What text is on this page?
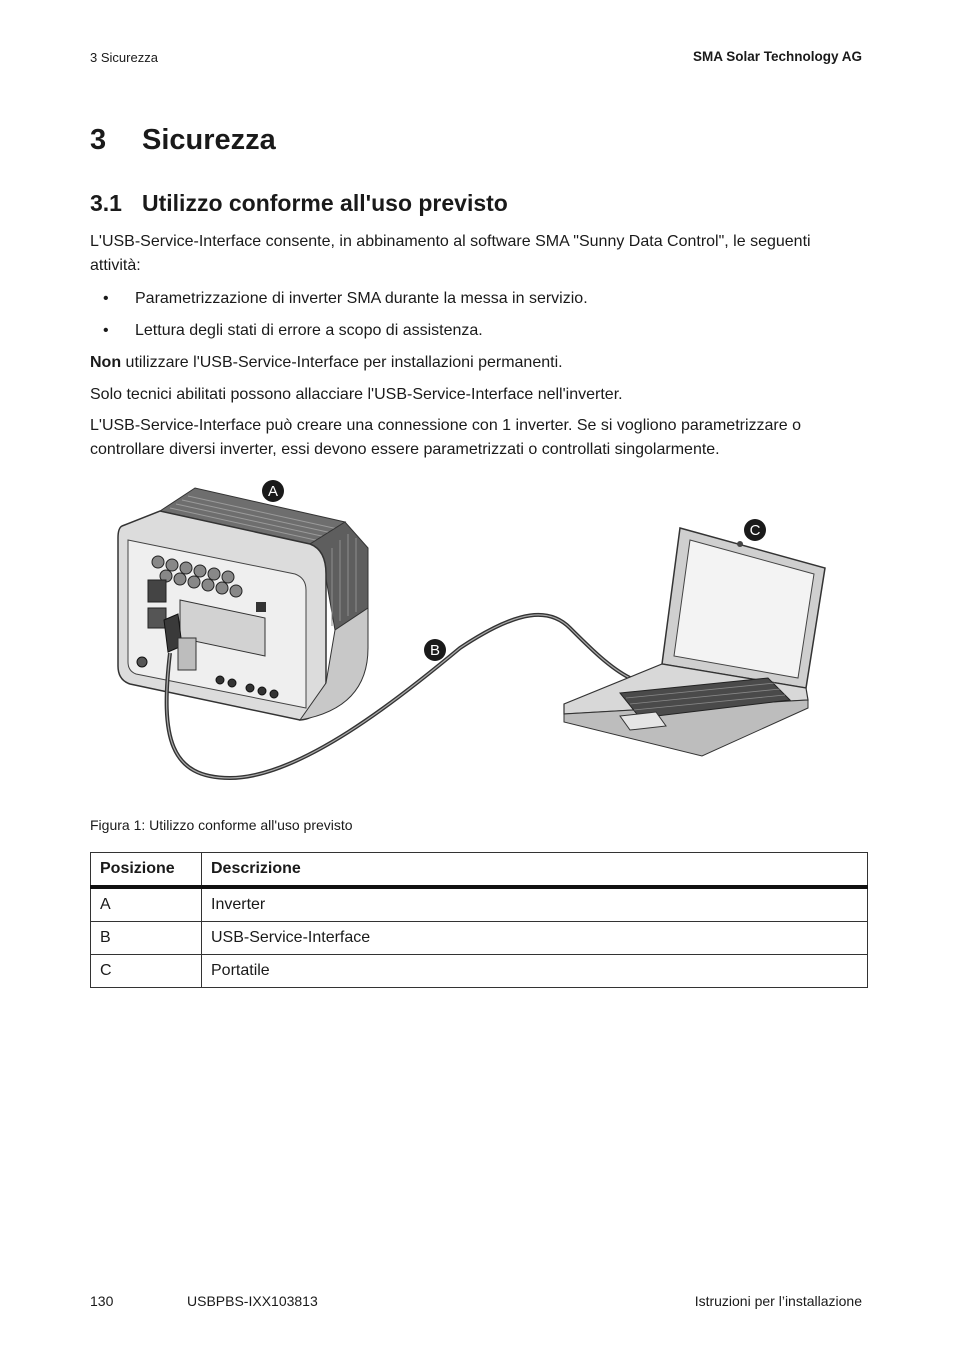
3 Sicurezza	SMA Solar Technology AG
3 Sicurezza
3.1 Utilizzo conforme all'uso previsto

L'USB-Service-Interface consente, in abbinamento al software SMA "Sunny Data Control", le seguenti attività:

• Parametrizzazione di inverter SMA durante la messa in servizio.
• Lettura degli stati di errore a scopo di assistenza.

Non utilizzare l'USB-Service-Interface per installazioni permanenti.

Solo tecnici abilitati possono allacciare l'USB-Service-Interface nell'inverter.

L'USB-Service-Interface può creare una connessione con 1 inverter. Se si vogliono parametrizzare o controllare diversi inverter, essi devono essere parametrizzati o controllati singolarmente.

A
B
C
Figura 1: Utilizzo conforme all'uso previsto
Posizione	Descrizione
A	Inverter
B	USB-Service-Interface
C	Portatile
130	USBPBS-IXX103813	Istruzioni per l’installazione
